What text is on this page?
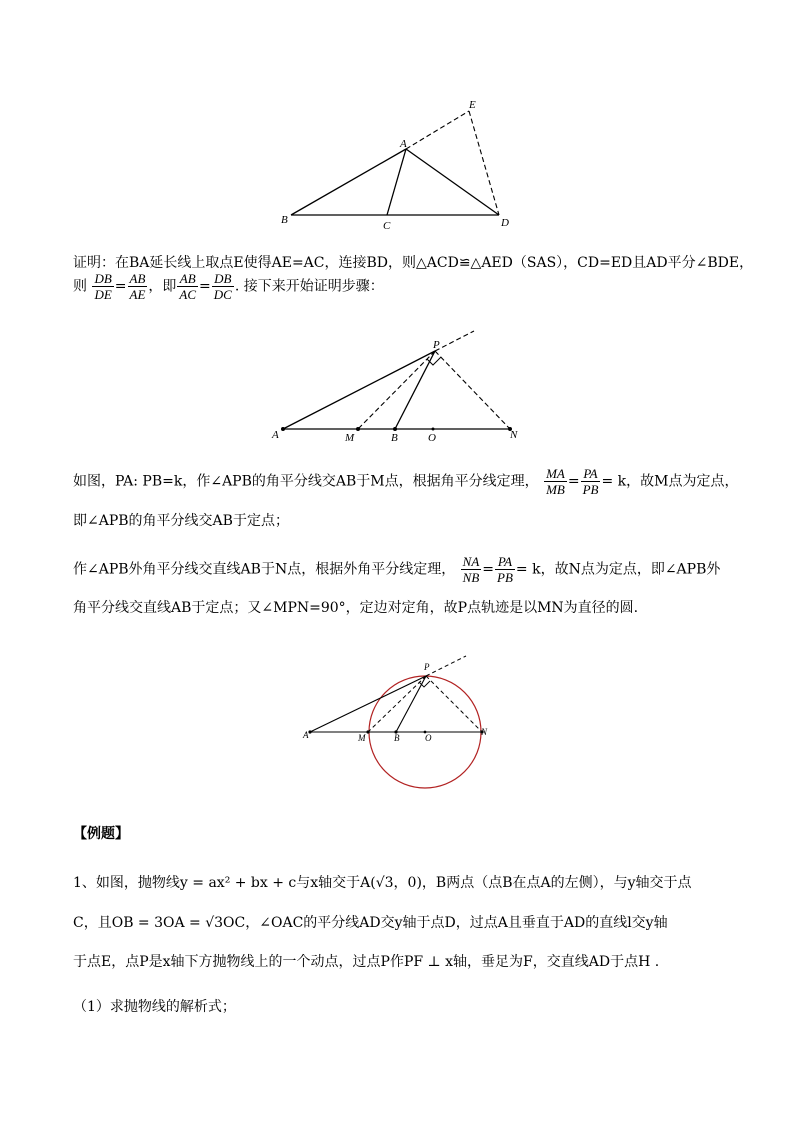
B	C	D
A
E
证明：在BA延长线上取点E使得AE=AC，连接BD，则△ACD≌△AED（SAS），CD=ED且AD平分∠BDE，
则 $\frac{DB}{DE} = \frac{AB}{AE}$ ，即 $\frac{AB}{AC} = \frac{DB}{DC}$ . 接下来开始证明步骤：
A	M	B	O	N
P
如图，PA: PB=k，作∠APB的角平分线交AB于M点，根据角平分线定理， $\frac{MA}{MB} = \frac{PA}{PB} = k$，故M点为定点，
即∠APB的角平分线交AB于定点；
作∠APB外角平分线交直线AB于N点，根据外角平分线定理， $\frac{NA}{NB} = \frac{PA}{PB} = k$，故N点为定点，即∠APB外
角平分线交直线AB于定点；又∠MPN=90°，定边对定角，故P点轨迹是以MN为直径的圆.
A	M	B	O
N
P
【例题】
1、如图，抛物线y = ax² + bx + c与x轴交于A(√3，0)，B两点（点B在点A的左侧），与y轴交于点
C，且OB = 3OA = √3OC，∠OAC的平分线AD交y轴于点D，过点A且垂直于AD的直线l交y轴
于点E，点P是x轴下方抛物线上的一个动点，过点P作PF ⊥ x轴，垂足为F，交直线AD于点H .
（1）求抛物线的解析式；
